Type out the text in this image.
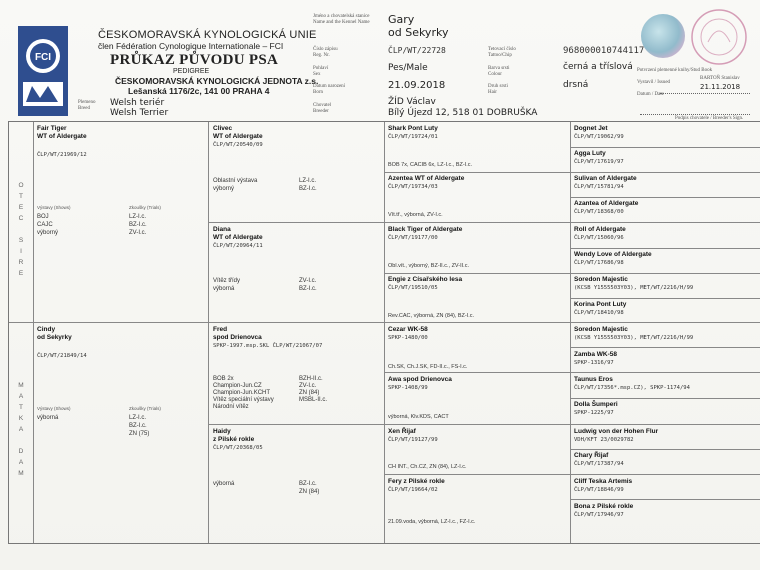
FCI
ČESKOMORAVSKÁ KYNOLOGICKÁ UNIE
člen Fédération Cynologique Internationale – FCI
PRŮKAZ PŮVODU PSA
PEDIGREE
ČESKOMORAVSKÁ KYNOLOGICKÁ JEDNOTA z.s.
Lešanská 1176/2c, 141 00 PRAHA 4
Plemeno
Breed	Welsh teriér
Welsh Terrier
Jméno a chovatelská stanice
Name and the Kennel Name Gary
od Sekyrky
Číslo zápisu
Reg. Nr.	ČLP/WT/22728	Tetovací číslo
Tattoo/Chip	968000010744117
Pohlaví
Sex
Pes/Male	Barva srsti
Colour
černá a tříslová
Datum narození
Born
21.09.2018	Druh srsti
Hair
drsná
Chovatel
Breeder
ŽÍD Václav
Bílý Újezd 12, 518 01 DOBRUŠKA
Potvrzení plemenné knihy/Stud Book
BARTOŇ Stanislav
Vystavil / Issued
21.11.2018
Datum / Date
Podpis chovatele / Breeder's Sign.
O
T
E
C

S
I
R
E
M
A
T
K
A

D
A
M
Fair Tiger
WT of Aldergate
ČLP/WT/21969/12
Výstavy (Shows)	Zkoušky (Trials)
BOJ
CAJC
výborný
LZ-I.c.
BZ-I.c.
ZV-I.c.
Cindy
od Sekyrky
ČLP/WT/21849/14
Výstavy (Shows)	Zkoušky (Trials)
výborná	LZ-I.c.
BZ-I.c.
ZN (75)
Clivec
WT of Aldergate
ČLP/WT/20540/09
Oblastní výstava
výborný
LZ-I.c.
BZ-I.c.
Diana
WT of Aldergate
ČLP/WT/20964/11
Vítěz třídy
výborná
ZV-I.c.
BZ-I.c.
Fred
spod Drienovca
SPKP-1997.msp.SKL ČLP/WT/21067/07
BOB 2x
Champion-Jun.CZ
Champion-Jun.KCHT
Vítěz speciální výstavy
Národní vítěz
BZH-II.c.
ZV-I.c.
ZN (84)
MSBL-II.c.
Haidy
z Pilské rokle
ČLP/WT/20368/05
výborná	BZ-I.c.
ZN (84)
Shark Pont Luty
ČLP/WT/19724/01
BOB 7x, CACIB 6x, LZ-I.c., BZ-I.c.
Azentea WT of Aldergate
ČLP/WT/19734/03
Vít.tř., výborná, ZV-I.c.
Black Tiger of Aldergate
ČLP/WT/19177/00
Obl.vít., výborný, BZ-II.c., ZV-II.c.
Engie z Císařského lesa
ČLP/WT/19510/05
Rev.CAC, výborná, ZN (84), BZ-I.c.
Cezar WK-58
SPKP-1480/00
Ch.SK, Ch.J.SK, FD-II.c., FS-I.c.
Awa spod Drienovca
SPKP-1408/99
výborná, Klv.KDS, CACT
Xen Řijaf
ČLP/WT/19127/99
CH INT., Ch.CZ, ZN (84), LZ-I.c.
Fery z Pilské rokle
ČLP/WT/19664/02
21.09.voda, výborná, LZ-I.c., FZ-I.c.
Dognet Jet
ČLP/WT/19062/99
Agga Luty
ČLP/WT/17619/97
Sulivan of Aldergate
ČLP/WT/15781/94
Azantea of Aldergate
ČLP/WT/18368/00
Roll of Aldergate
ČLP/WT/15060/96
Wendy Love of Aldergate
ČLP/WT/17686/98
Soredon Majestic
(KCSB Y1555503Y03), MET/WT/2216/H/99
Korina Pont Luty
ČLP/WT/18410/98
Soredon Majestic
(KCSB Y1555503Y03), MET/WT/2216/H/99
Zamba WK-58
SPKP-1316/97
Taunus Eros
ČLP/WT/17356*.msp.CZ), SPKP-1174/94
Dolla Šumperi
SPKP-1225/97
Ludwig von der Hohen Flur
VDH/KFT 23/0029782
Chary Řijaf
ČLP/WT/17387/94
Cliff Teska Artemis
ČLP/WT/18846/99
Bona z Pilské rokle
ČLP/WT/17946/97
